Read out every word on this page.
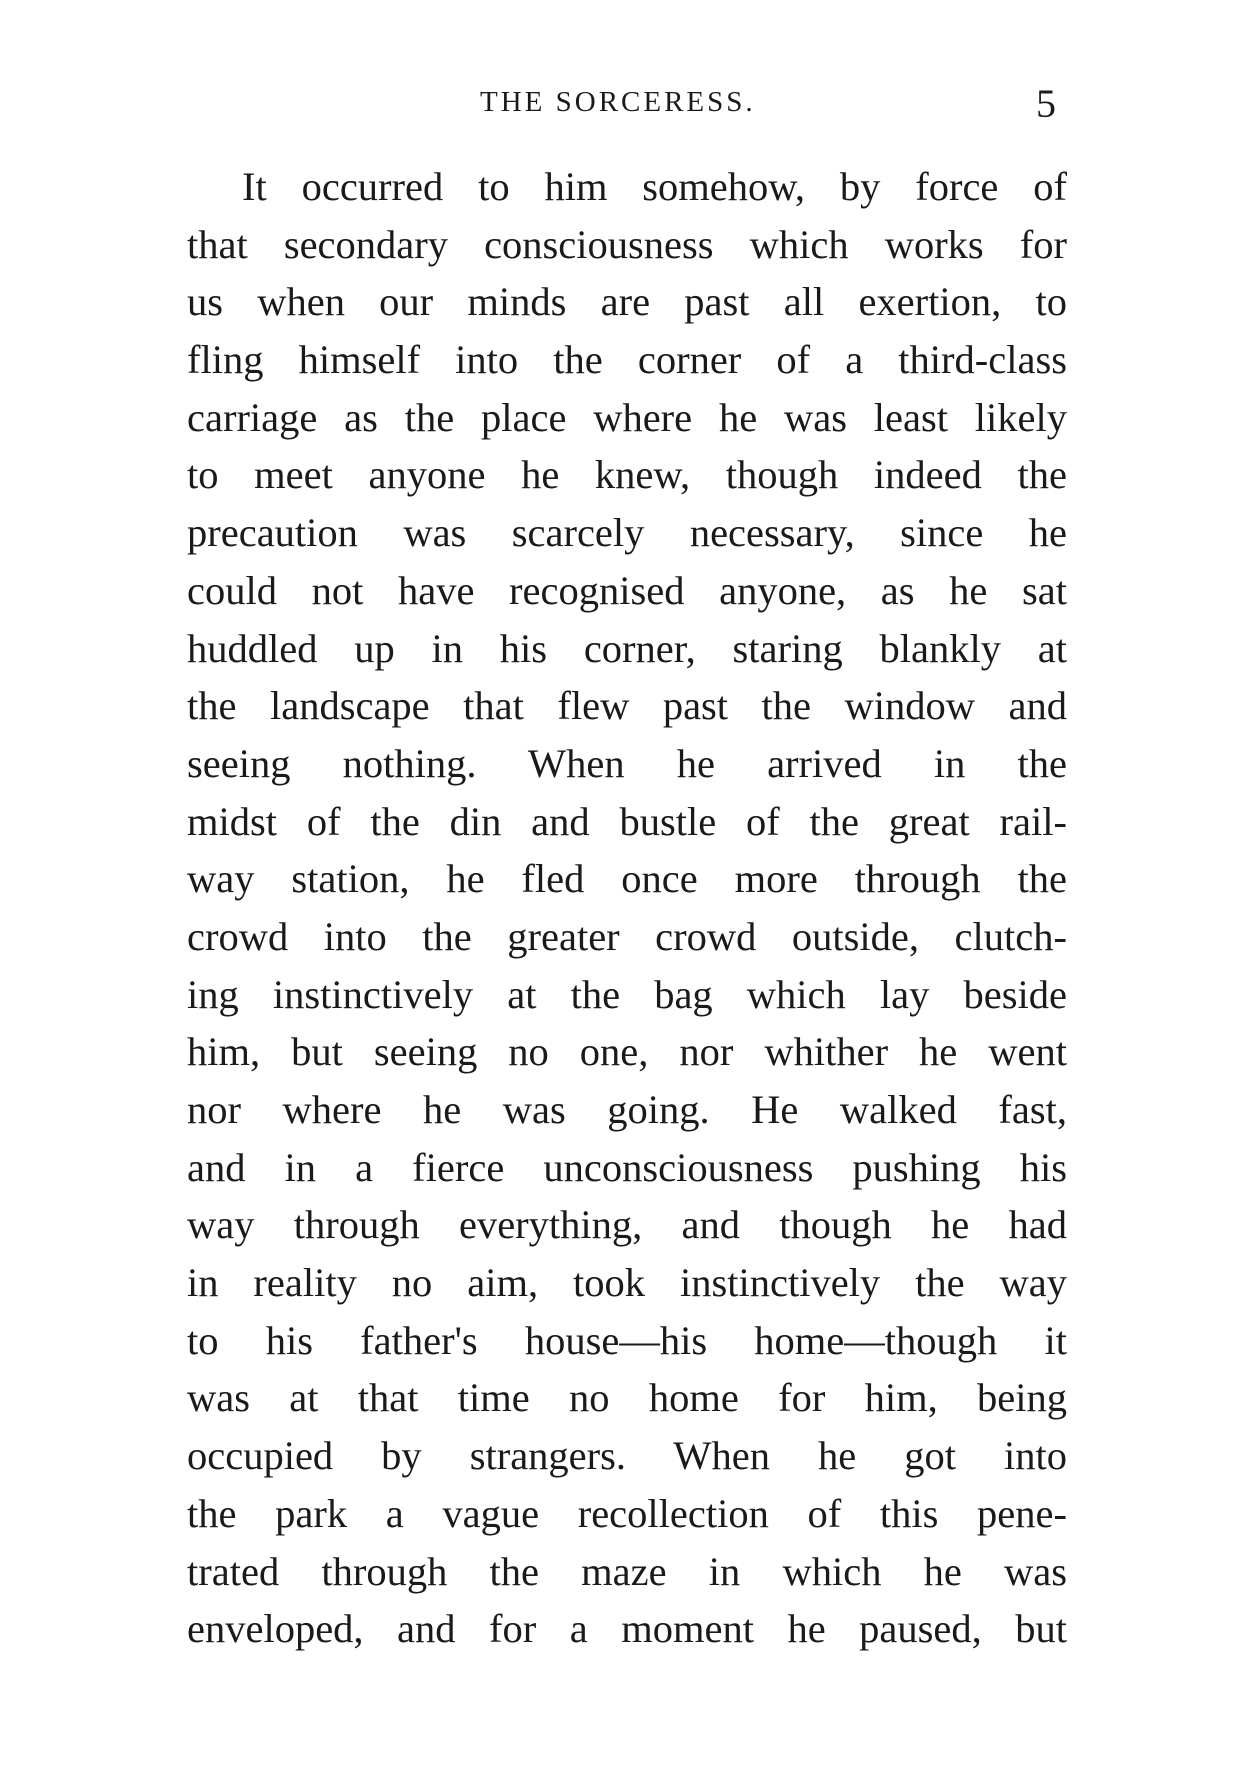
THE SORCERESS.	5
It occurred to him somehow, by force of
that secondary consciousness which works for
us when our minds are past all exertion, to
fling himself into the corner of a third-class
carriage as the place where he was least likely
to meet anyone he knew, though indeed the
precaution was scarcely necessary, since he
could not have recognised anyone, as he sat
huddled up in his corner, staring blankly at
the landscape that flew past the window and
seeing nothing. When he arrived in the
midst of the din and bustle of the great rail-
way station, he fled once more through the
crowd into the greater crowd outside, clutch-
ing instinctively at the bag which lay beside
him, but seeing no one, nor whither he went
nor where he was going. He walked fast,
and in a fierce unconsciousness pushing his
way through everything, and though he had
in reality no aim, took instinctively the way
to his father's house—his home—though it
was at that time no home for him, being
occupied by strangers. When he got into
the park a vague recollection of this pene-
trated through the maze in which he was
enveloped, and for a moment he paused, but
